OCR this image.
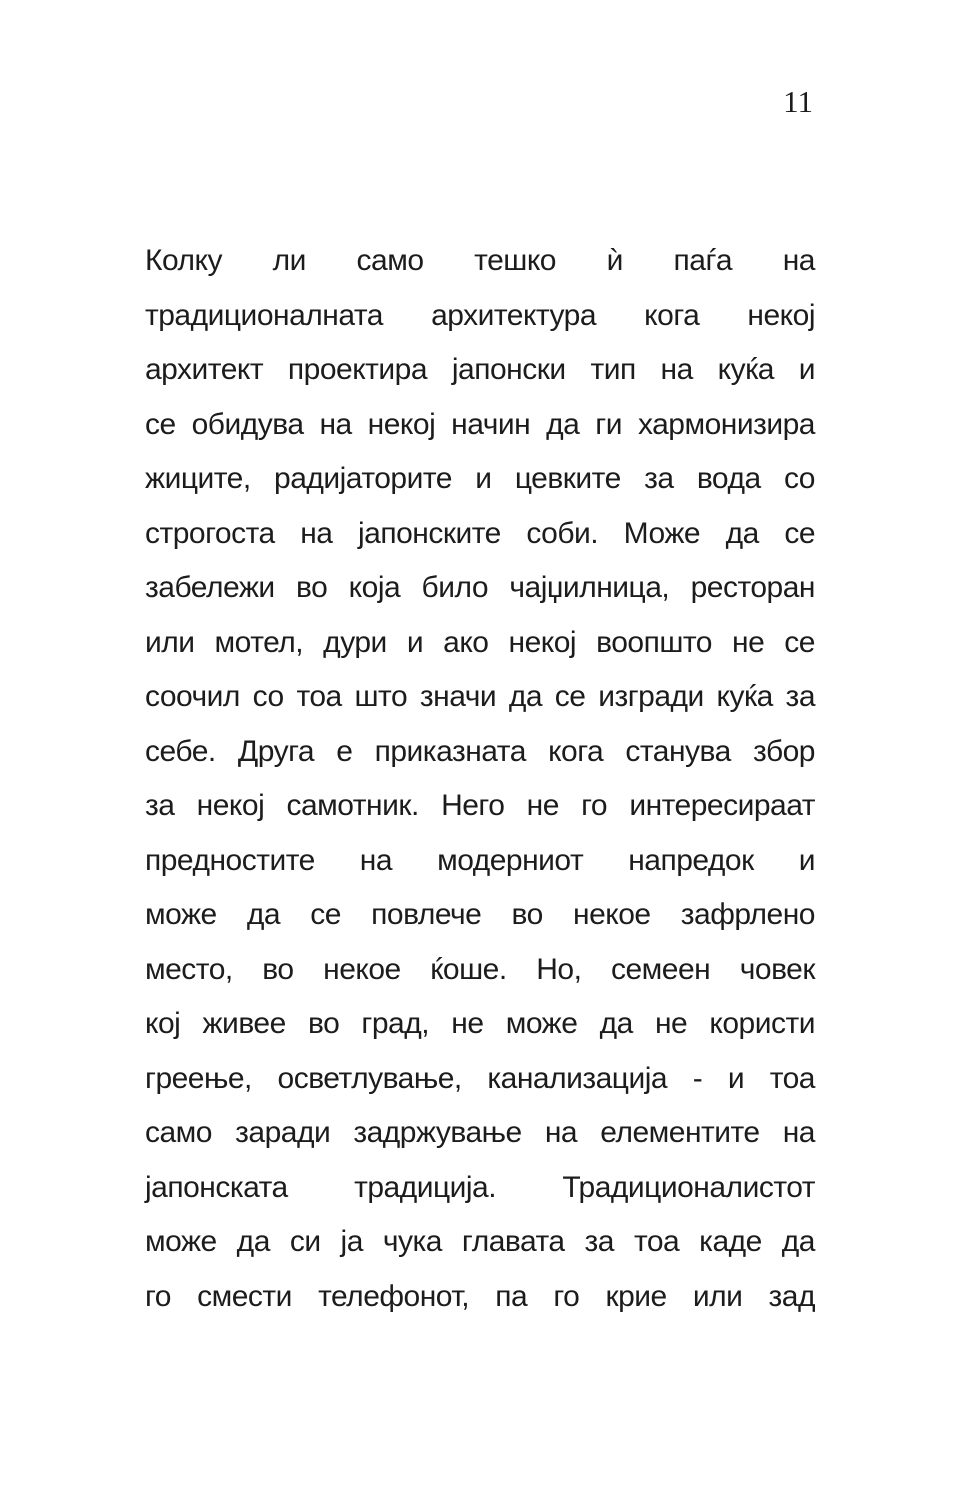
11
Колку ли само тешко ѝ паѓа на
традиционалната архитектура кога некој
архитект проектира јапонски тип на куќа и
се обидува на некој начин да ги хармонизира
жиците, радијаторите и цевките за вода со
строгоста на јапонските соби. Може да се
забележи во која било чајџилница, ресторан
или мотел, дури и ако некој воопшто не се
соочил со тоа што значи да се изгради куќа за
себе. Друга е приказната кога станува збор
за некој самотник. Него не го интересираат
предностите на модерниот напредок и
може да се повлече во некое зафрлено
место, во некое ќоше. Но, семеен човек
кој живее во град, не може да не користи
греење, осветлување, канализација - и тоа
само заради задржување на елементите на
јапонската традиција. Традиционалистот
може да си ја чука главата за тоа каде да
го смести телефонот, па го крие или зад
